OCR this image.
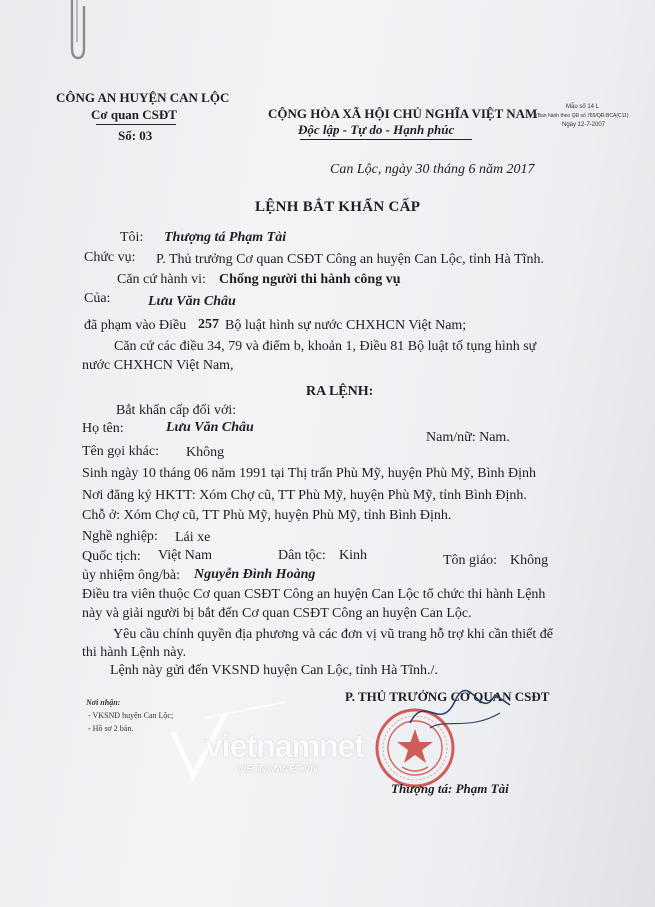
CÔNG AN HUYỆN CAN LỘC
Cơ quan CSĐT
Số: 03
CỘNG HÒA XÃ HỘI CHỦ NGHĨA VIỆT NAM
Độc lập - Tự do - Hạnh phúc
Mẫu số 14 L
(Ban hành theo QĐ số 789/QĐ-BCA(C11)
Ngày 12-7-2007
Can Lộc, ngày 30 tháng 6 năm 2017
LỆNH BẮT KHẨN CẤP
Tôi: Thượng tá Phạm Tài
Chức vụ: P. Thủ trưởng Cơ quan CSĐT Công an huyện Can Lộc, tỉnh Hà Tĩnh.
Căn cứ hành vi: Chống người thi hành công vụ
Của:	Lưu Văn Châu
đã phạm vào Điều 257 Bộ luật hình sự nước CHXHCN Việt Nam;
Căn cứ các điều 34, 79 và điểm b, khoản 1, Điều 81 Bộ luật tố tụng hình sự
nước CHXHCN Việt Nam,
RA LỆNH:
Bắt khẩn cấp đối với:
Họ tên:	Lưu Văn Châu
Nam/nữ: Nam.
Tên gọi khác: Không
Sinh ngày 10 tháng 06 năm 1991 tại Thị trấn Phù Mỹ, huyện Phù Mỹ, Bình Định
Nơi đăng ký HKTT: Xóm Chợ cũ, TT Phù Mỹ, huyện Phù Mỹ, tỉnh Bình Định.
Chỗ ở: Xóm Chợ cũ, TT Phù Mỹ, huyện Phù Mỹ, tỉnh Bình Định.
Nghề nghiệp: Lái xe
Quốc tịch: Việt Nam	Dân tộc: Kinh	Tôn giáo: Không
ủy nhiệm ông/bà: Nguyễn Đình Hoàng
Điều tra viên thuộc Cơ quan CSĐT Công an huyện Can Lộc tổ chức thi hành Lệnh
này và giải người bị bắt đến Cơ quan CSĐT Công an huyện Can Lộc.
Yêu cầu chính quyền địa phương và các đơn vị vũ trang hỗ trợ khi cần thiết để
thi hành Lệnh này.
Lệnh này gửi đến VKSND huyện Can Lộc, tỉnh Hà Tĩnh./.
Nơi nhận:
- VKSND huyện Can Lộc;
- Hồ sơ 2 bản.
P. THỦ TRƯỞNG CƠ QUAN CSĐT
Thượng tá: Phạm Tài
vietnamnet
VIETNAMNET.VN
